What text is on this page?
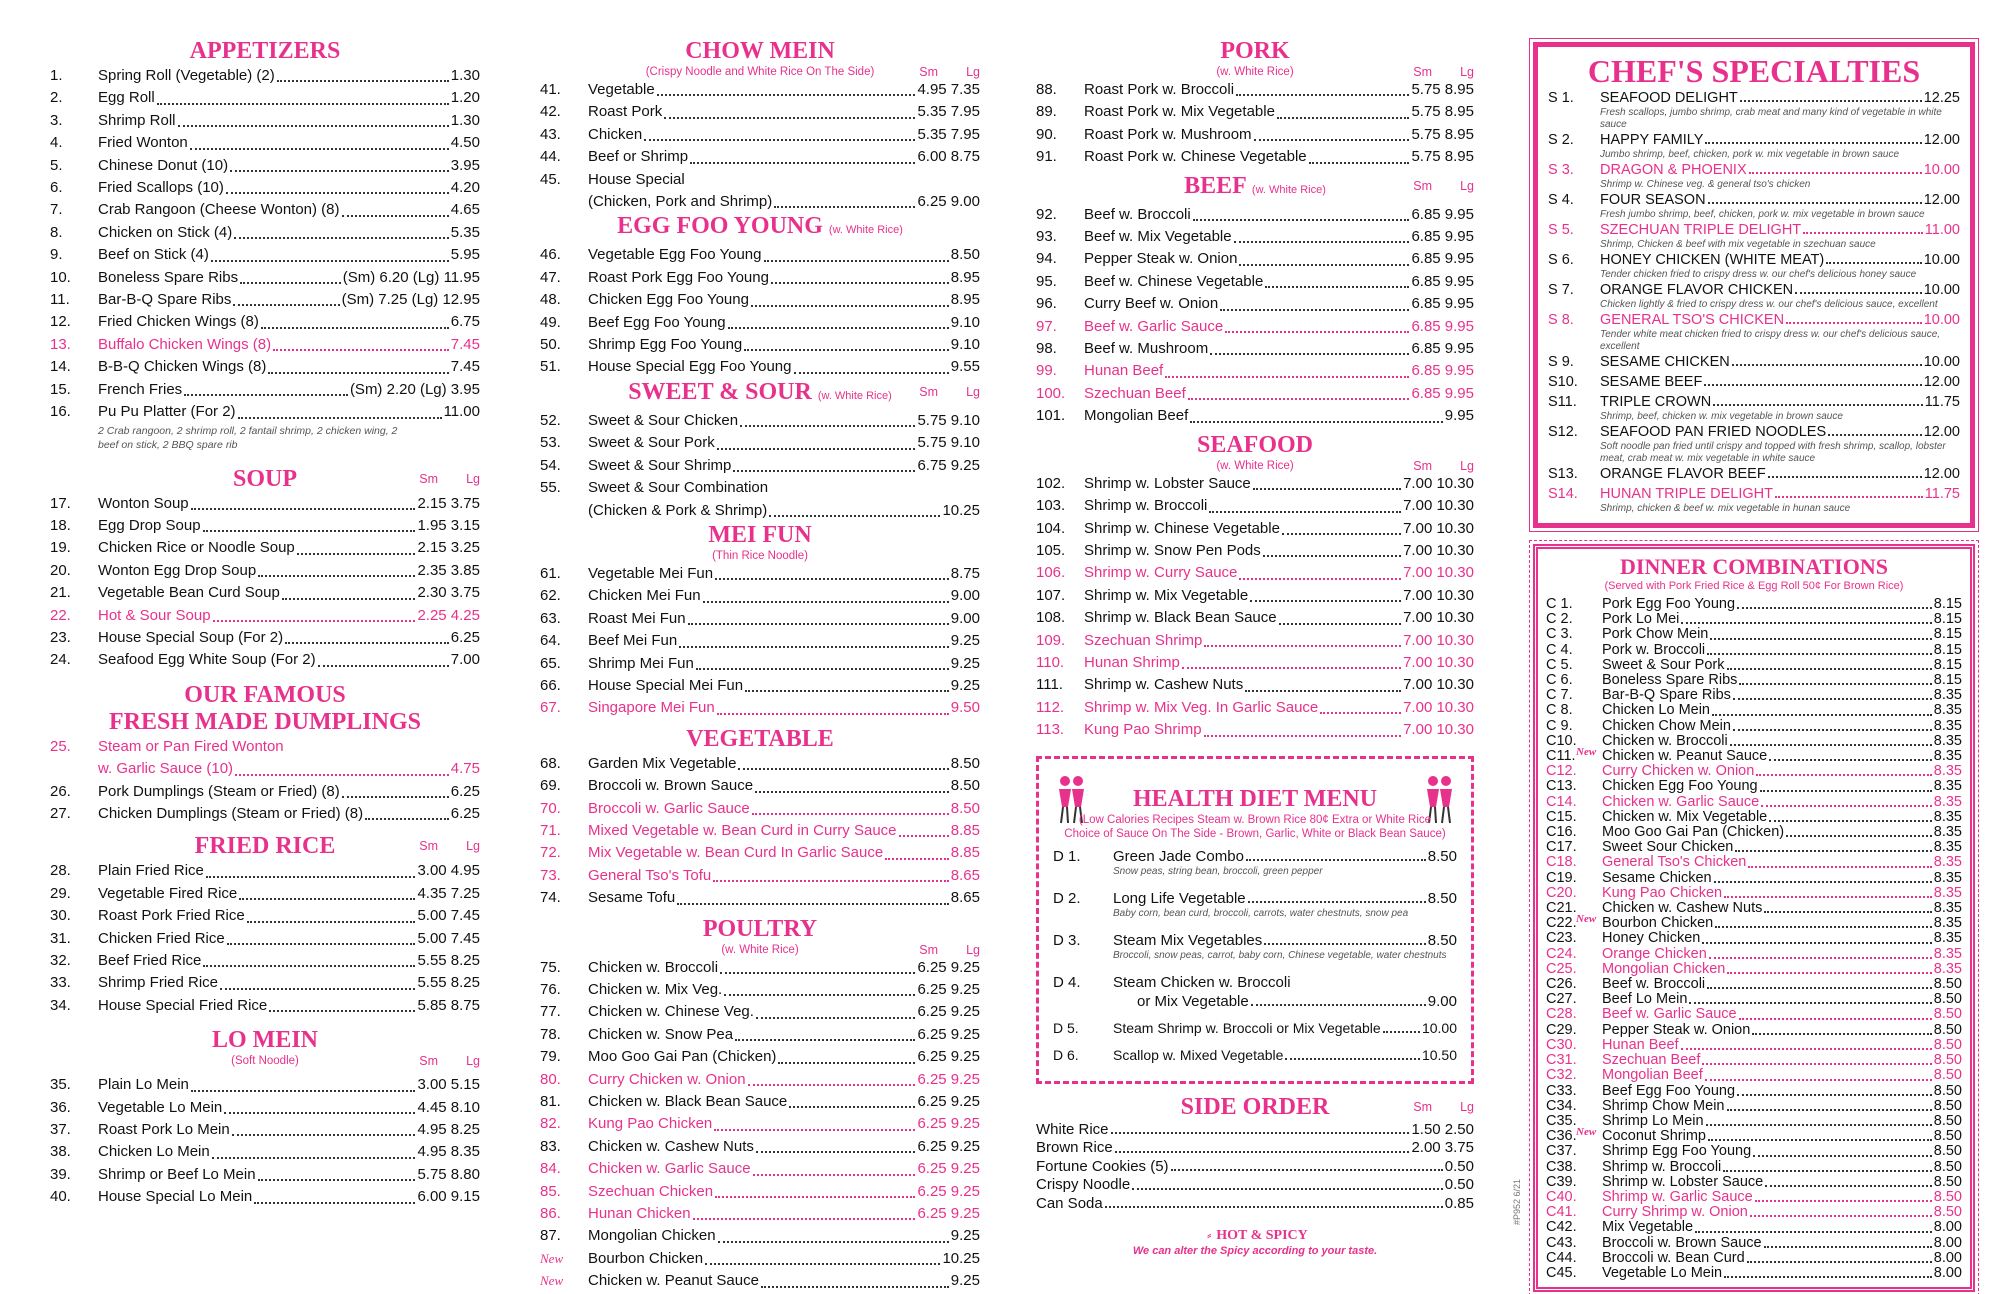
APPETIZERS
1.	Spring Roll (Vegetable) (2)	1.30
2.	Egg Roll	1.20
3.	Shrimp Roll	1.30
4.	Fried Wonton	4.50
5.	Chinese Donut (10)	3.95
6.	Fried Scallops (10)	4.20
7.	Crab Rangoon (Cheese Wonton) (8)	4.65
8.	Chicken on Stick (4)	5.35
9.	Beef on Stick (4)	5.95
10.	Boneless Spare Ribs	(Sm) 6.20 (Lg) 11.95
11.	Bar-B-Q Spare Ribs	(Sm) 7.25 (Lg) 12.95
12.	Fried Chicken Wings (8)	6.75
13.	Buffalo Chicken Wings (8)	7.45
14.	B-B-Q Chicken Wings (8)	7.45
15.	French Fries	(Sm) 2.20 (Lg) 3.95
16.	Pu Pu Platter (For 2)	11.00
2 Crab rangoon, 2 shrimp roll, 2 fantail shrimp, 2 chicken wing, 2 beef on stick, 2 BBQ spare rib
SOUP	Sm Lg
17.	Wonton Soup	2.15 3.75
18.	Egg Drop Soup	1.95 3.15
19.	Chicken Rice or Noodle Soup	2.15 3.25
20.	Wonton Egg Drop Soup	2.35 3.85
21.	Vegetable Bean Curd Soup	2.30 3.75
22.	Hot & Sour Soup	2.25 4.25
23.	House Special Soup (For 2)	6.25
24.	Seafood Egg White Soup (For 2)	7.00
OUR FAMOUS
FRESH MADE DUMPLINGS
25.	Steam or Pan Fired Wonton
w. Garlic Sauce (10)	4.75
26.	Pork Dumplings (Steam or Fried) (8)	6.25
27.	Chicken Dumplings (Steam or Fried) (8)	6.25
FRIED RICE	Sm Lg
28.	Plain Fried Rice	3.00 4.95
29.	Vegetable Fired Rice	4.35 7.25
30.	Roast Pork Fried Rice	5.00 7.45
31.	Chicken Fried Rice	5.00 7.45
32.	Beef Fried Rice	5.55 8.25
33.	Shrimp Fried Rice	5.55 8.25
34.	House Special Fried Rice	5.85 8.75
LO MEIN
(Soft Noodle)	Sm Lg
35.	Plain Lo Mein	3.00 5.15
36.	Vegetable Lo Mein	4.45 8.10
37.	Roast Pork Lo Mein	4.95 8.25
38.	Chicken Lo Mein	4.95 8.35
39.	Shrimp or Beef Lo Mein	5.75 8.80
40.	House Special Lo Mein	6.00 9.15
CHOW MEIN
(Crispy Noodle and White Rice On The Side)	Sm Lg
41.	Vegetable	4.95 7.35
42.	Roast Pork	5.35 7.95
43.	Chicken	5.35 7.95
44.	Beef or Shrimp	6.00 8.75
45.	House Special
(Chicken, Pork and Shrimp)	6.25 9.00
EGG FOO YOUNG (w. White Rice)
46.	Vegetable Egg Foo Young	8.50
47.	Roast Pork Egg Foo Young	8.95
48.	Chicken Egg Foo Young	8.95
49.	Beef Egg Foo Young	9.10
50.	Shrimp Egg Foo Young	9.10
51.	House Special Egg Foo Young	9.55
SWEET & SOUR (w. White Rice)	Sm Lg
52.	Sweet & Sour Chicken	5.75 9.10
53.	Sweet & Sour Pork	5.75 9.10
54.	Sweet & Sour Shrimp	6.75 9.25
55.	Sweet & Sour Combination
(Chicken & Pork & Shrimp)	10.25
MEI FUN
(Thin Rice Noodle)
61.	Vegetable Mei Fun	8.75
62.	Chicken Mei Fun	9.00
63.	Roast Mei Fun	9.00
64.	Beef Mei Fun	9.25
65.	Shrimp Mei Fun	9.25
66.	House Special Mei Fun	9.25
67.	Singapore Mei Fun	9.50
VEGETABLE
68.	Garden Mix Vegetable	8.50
69.	Broccoli w. Brown Sauce	8.50
70.	Broccoli w. Garlic Sauce	8.50
71.	Mixed Vegetable w. Bean Curd in Curry Sauce	8.85
72.	Mix Vegetable w. Bean Curd In Garlic Sauce	8.85
73.	General Tso's Tofu	8.65
74.	Sesame Tofu	8.65
POULTRY
(w. White Rice)	Sm Lg
75.	Chicken w. Broccoli	6.25 9.25
76.	Chicken w. Mix Veg.	6.25 9.25
77.	Chicken w. Chinese Veg.	6.25 9.25
78.	Chicken w. Snow Pea	6.25 9.25
79.	Moo Goo Gai Pan (Chicken)	6.25 9.25
80.	Curry Chicken w. Onion	6.25 9.25
81.	Chicken w. Black Bean Sauce	6.25 9.25
82.	Kung Pao Chicken	6.25 9.25
83.	Chicken w. Cashew Nuts	6.25 9.25
84.	Chicken w. Garlic Sauce	6.25 9.25
85.	Szechuan Chicken	6.25 9.25
86.	Hunan Chicken	6.25 9.25
87.	Mongolian Chicken	9.25
New	Bourbon Chicken	10.25
New	Chicken w. Peanut Sauce	9.25
PORK
(w. White Rice)	Sm Lg
88.	Roast Pork w. Broccoli	5.75 8.95
89.	Roast Pork w. Mix Vegetable	5.75 8.95
90.	Roast Pork w. Mushroom	5.75 8.95
91.	Roast Pork w. Chinese Vegetable	5.75 8.95
BEEF (w. White Rice)	Sm Lg
92.	Beef w. Broccoli	6.85 9.95
93.	Beef w. Mix Vegetable	6.85 9.95
94.	Pepper Steak w. Onion	6.85 9.95
95.	Beef w. Chinese Vegetable	6.85 9.95
96.	Curry Beef w. Onion	6.85 9.95
97.	Beef w. Garlic Sauce	6.85 9.95
98.	Beef w. Mushroom	6.85 9.95
99.	Hunan Beef	6.85 9.95
100.	Szechuan Beef	6.85 9.95
101.	Mongolian Beef	9.95
SEAFOOD
(w. White Rice)	Sm Lg
102.	Shrimp w. Lobster Sauce	7.00 10.30
103.	Shrimp w. Broccoli	7.00 10.30
104.	Shrimp w. Chinese Vegetable	7.00 10.30
105.	Shrimp w. Snow Pen Pods	7.00 10.30
106.	Shrimp w. Curry Sauce	7.00 10.30
107.	Shrimp w. Mix Vegetable	7.00 10.30
108.	Shrimp w. Black Bean Sauce	7.00 10.30
109.	Szechuan Shrimp	7.00 10.30
110.	Hunan Shrimp	7.00 10.30
111.	Shrimp w. Cashew Nuts	7.00 10.30
112.	Shrimp w. Mix Veg. In Garlic Sauce	7.00 10.30
113.	Kung Pao Shrimp	7.00 10.30
HEALTH DIET MENU
(Low Calories Recipes Steam w. Brown Rice 80¢ Extra or White Rice
Choice of Sauce On The Side - Brown, Garlic, White or Black Bean Sauce)
D 1.	Green Jade Combo	8.50
Snow peas, string bean, broccoli, green pepper
D 2.	Long Life Vegetable	8.50
Baby corn, bean curd, broccoli, carrots, water chestnuts, snow pea
D 3.	Steam Mix Vegetables	8.50
Broccoli, snow peas, carrot, baby corn, Chinese vegetable, water chestnuts
D 4.	Steam Chicken w. Broccoli
or Mix Vegetable	9.00
D 5.	Steam Shrimp w. Broccoli or Mix Vegetable	10.00
D 6.	Scallop w. Mixed Vegetable	10.50
SIDE ORDER	Sm Lg
White Rice	1.50 2.50
Brown Rice	2.00 3.75
Fortune Cookies (5)	0.50
Crispy Noodle	0.50
Can Soda	0.85
⸗ HOT & SPICY
We can alter the Spicy according to your taste.
#P952 6/21
CHEF'S SPECIALTIES
S 1.	SEAFOOD DELIGHT	12.25
Fresh scallops, jumbo shrimp, crab meat and many kind of vegetable in white sauce
S 2.	HAPPY FAMILY	12.00
Jumbo shrimp, beef, chicken, pork w. mix vegetable in brown sauce
S 3.	DRAGON & PHOENIX	10.00
Shrimp w. Chinese veg. & general tso's chicken
S 4.	FOUR SEASON	12.00
Fresh jumbo shrimp, beef, chicken, pork w. mix vegetable in brown sauce
S 5.	SZECHUAN TRIPLE DELIGHT	11.00
Shrimp, Chicken & beef with mix vegetable in szechuan sauce
S 6.	HONEY CHICKEN (WHITE MEAT)	10.00
Tender chicken fried to crispy dress w. our chef's delicious honey sauce
S 7.	ORANGE FLAVOR CHICKEN	10.00
Chicken lightly & fried to crispy dress w. our chef's delicious sauce, excellent
S 8.	GENERAL TSO'S CHICKEN	10.00
Tender white meat chicken fried to crispy dress w. our chef's delicious sauce, excellent
S 9.	SESAME CHICKEN	10.00
S10.	SESAME BEEF	12.00
S11.	TRIPLE CROWN	11.75
Shrimp, beef, chicken w. mix vegetable in brown sauce
S12.	SEAFOOD PAN FRIED NOODLES	12.00
Soft noodle pan fried until crispy and topped with fresh shrimp, scallop, lobster meat, crab meat w. mix vegetable in white sauce
S13.	ORANGE FLAVOR BEEF	12.00
S14.	HUNAN TRIPLE DELIGHT	11.75
Shrimp, chicken & beef w. mix vegetable in hunan sauce
DINNER COMBINATIONS
(Served with Pork Fried Rice & Egg Roll 50¢ For Brown Rice)
C 1.	Pork Egg Foo Young	8.15
C 2.	Pork Lo Mei	8.15
C 3.	Pork Chow Mein	8.15
C 4.	Pork w. Broccoli	8.15
C 5.	Sweet & Sour Pork	8.15
C 6.	Boneless Spare Ribs	8.15
C 7.	Bar-B-Q Spare Ribs	8.35
C 8.	Chicken Lo Mein	8.35
C 9.	Chicken Chow Mein	8.35
C10.	Chicken w. Broccoli	8.35
C11. New Chicken w. Peanut Sauce	8.35
C12.	Curry Chicken w. Onion	8.35
C13.	Chicken Egg Foo Young	8.35
C14.	Chicken w. Garlic Sauce	8.35
C15.	Chicken w. Mix Vegetable	8.35
C16.	Moo Goo Gai Pan (Chicken)	8.35
C17.	Sweet Sour Chicken	8.35
C18.	General Tso's Chicken	8.35
C19.	Sesame Chicken	8.35
C20.	Kung Pao Chicken	8.35
C21.	Chicken w. Cashew Nuts	8.35
C22. New Bourbon Chicken	8.35
C23.	Honey Chicken	8.35
C24.	Orange Chicken	8.35
C25.	Mongolian Chicken	8.35
C26.	Beef w. Broccoli	8.50
C27.	Beef Lo Mein	8.50
C28.	Beef w. Garlic Sauce	8.50
C29.	Pepper Steak w. Onion	8.50
C30.	Hunan Beef	8.50
C31.	Szechuan Beef	8.50
C32.	Mongolian Beef	8.50
C33.	Beef Egg Foo Young	8.50
C34.	Shrimp Chow Mein	8.50
C35.	Shrimp Lo Mein	8.50
C36. New Coconut Shrimp	8.50
C37.	Shrimp Egg Foo Young	8.50
C38.	Shrimp w. Broccoli	8.50
C39.	Shrimp w. Lobster Sauce	8.50
C40.	Shrimp w. Garlic Sauce	8.50
C41.	Curry Shrimp w. Onion	8.50
C42.	Mix Vegetable	8.00
C43.	Broccoli w. Brown Sauce	8.00
C44.	Broccoli w. Bean Curd	8.00
C45.	Vegetable Lo Mein	8.00
